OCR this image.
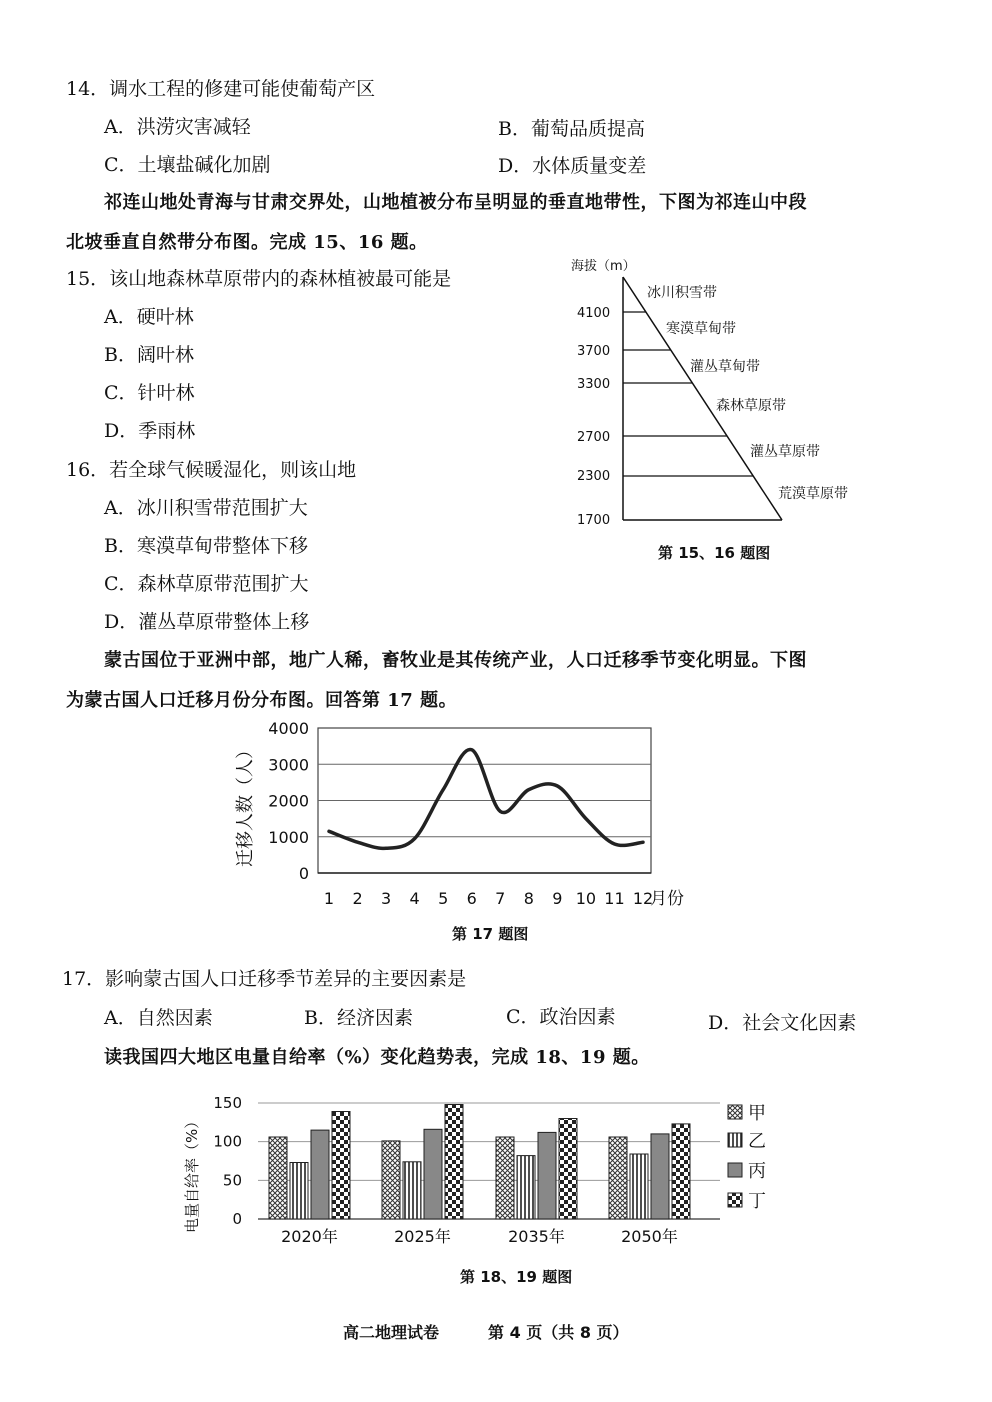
14．调水工程的修建可能使葡萄产区
A．洪涝灾害减轻	B．葡萄品质提高
C．土壤盐碱化加剧	D．水体质量变差
祁连山地处青海与甘肃交界处，山地植被分布呈明显的垂直地带性，下图为祁连山中段
北坡垂直自然带分布图。完成 15、16 题。
15．该山地森林草原带内的森林植被最可能是
A．硬叶林
B．阔叶林
C．针叶林
D．季雨林
16．若全球气候暖湿化，则该山地
A．冰川积雪带范围扩大
B．寒漠草甸带整体下移
C．森林草原带范围扩大
D．灌丛草原带整体上移
海拔（m）
4100
3700
3300
2700
2300
1700
冰川积雪带
寒漠草甸带
灌丛草甸带
森林草原带
灌丛草原带
荒漠草原带
第 15、16 题图
蒙古国位于亚洲中部，地广人稀，畜牧业是其传统产业，人口迁移季节变化明显。下图
为蒙古国人口迁移月份分布图。回答第 17 题。
迁移人数（人）
0
1000
2000
3000
4000
1 2 3 4 5 6 7 8 9 10 11 12
月份
第 17 题图
17．影响蒙古国人口迁移季节差异的主要因素是
A．自然因素	B．经济因素	C．政治因素	D．社会文化因素
读我国四大地区电量自给率（%）变化趋势表，完成 18、19 题。
电量自给率（%） 0
50
100
150
2020年	2025年	2035年	2050年
甲
乙
丙
丁
第 18、19 题图
高二地理试卷	第 4 页（共 8 页）
